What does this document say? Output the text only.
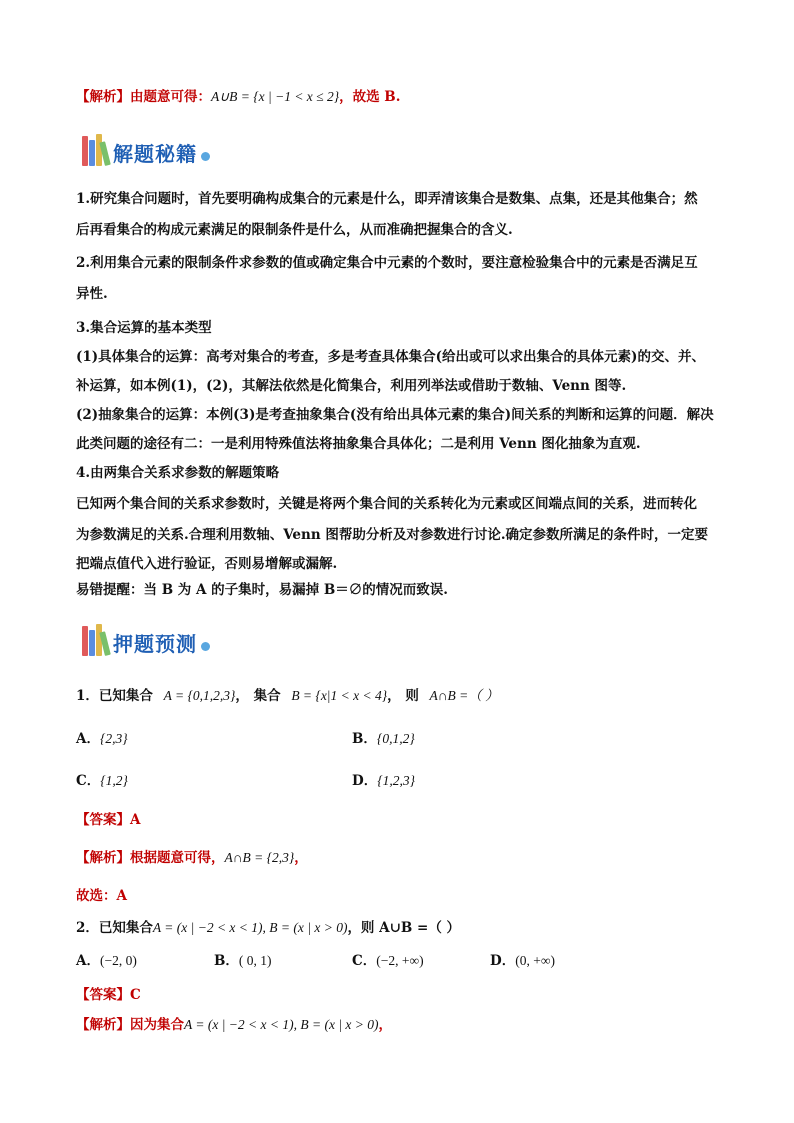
【解析】由题意可得：A∪B = {x | −1 < x ≤ 2}，故选 B.
解题秘籍
1.研究集合问题时，首先要明确构成集合的元素是什么，即弄清该集合是数集、点集，还是其他集合；然
后再看集合的构成元素满足的限制条件是什么，从而准确把握集合的含义.
2.利用集合元素的限制条件求参数的值或确定集合中元素的个数时，要注意检验集合中的元素是否满足互
异性.
3.集合运算的基本类型
(1)具体集合的运算：高考对集合的考查，多是考查具体集合(给出或可以求出集合的具体元素)的交、并、
补运算，如本例(1)，(2)，其解法依然是化简集合，利用列举法或借助于数轴、Venn 图等.
(2)抽象集合的运算：本例(3)是考查抽象集合(没有给出具体元素的集合)间关系的判断和运算的问题．解决
此类问题的途径有二：一是利用特殊值法将抽象集合具体化；二是利用 Venn 图化抽象为直观.
4.由两集合关系求参数的解题策略
已知两个集合间的关系求参数时，关键是将两个集合间的关系转化为元素或区间端点间的关系，进而转化
为参数满足的关系.合理利用数轴、Venn 图帮助分析及对参数进行讨论.确定参数所满足的条件时，一定要
把端点值代入进行验证，否则易增解或漏解.
易错提醒：当 B 为 A 的子集时，易漏掉 B＝∅的情况而致误.
押题预测
1．已知集合 A = {0,1,2,3}， 集合 B = {x|1 < x < 4}， 则 A∩B =（ ）
A．{2,3}	B．{0,1,2}
C．{1,2}	D．{1,2,3}
【答案】A
【解析】根据题意可得，A∩B = {2,3}，
故选：A
2．已知集合A = (x | −2 < x < 1), B = (x | x > 0)，则 A∪B =（ ）
A．(−2, 0)	B．( 0, 1)	C．(−2, +∞)	D．(0, +∞)
【答案】C
【解析】因为集合A = (x | −2 < x < 1), B = (x | x > 0)，
